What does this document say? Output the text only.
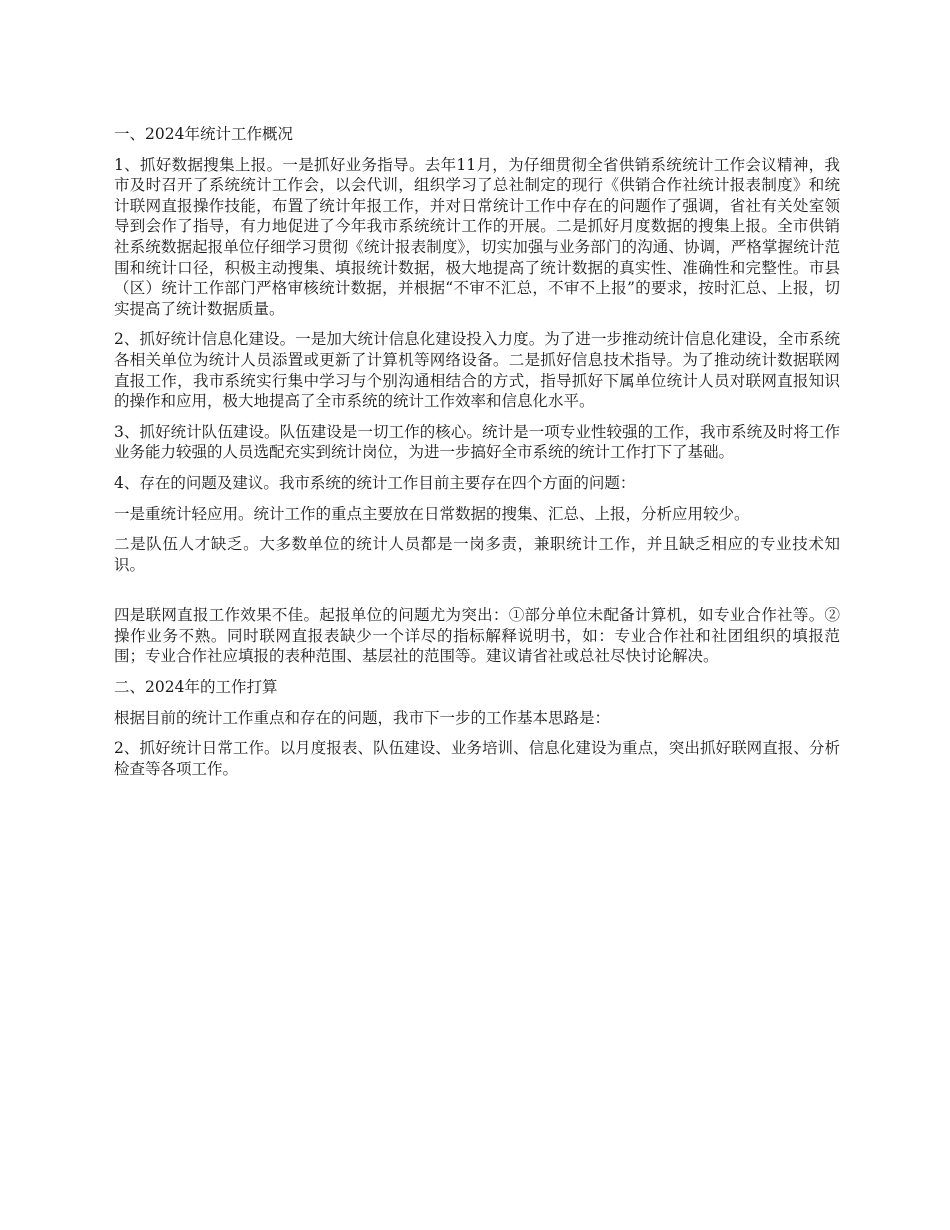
一、2024年统计工作概况

1、抓好数据搜集上报。一是抓好业务指导。去年11月，为仔细贯彻全省供销系统统计工作会议精神，我市及时召开了系统统计工作会，以会代训，组织学习了总社制定的现行《供销合作社统计报表制度》和统计联网直报操作技能，布置了统计年报工作，并对日常统计工作中存在的问题作了强调，省社有关处室领导到会作了指导，有力地促进了今年我市系统统计工作的开展。二是抓好月度数据的搜集上报。全市供销社系统数据起报单位仔细学习贯彻《统计报表制度》，切实加强与业务部门的沟通、协调，严格掌握统计范围和统计口径，积极主动搜集、填报统计数据，极大地提高了统计数据的真实性、准确性和完整性。市县（区）统计工作部门严格审核统计数据，并根据“不审不汇总，不审不上报”的要求，按时汇总、上报，切实提高了统计数据质量。

2、抓好统计信息化建设。一是加大统计信息化建设投入力度。为了进一步推动统计信息化建设，全市系统各相关单位为统计人员添置或更新了计算机等网络设备。二是抓好信息技术指导。为了推动统计数据联网直报工作，我市系统实行集中学习与个别沟通相结合的方式，指导抓好下属单位统计人员对联网直报知识的操作和应用，极大地提高了全市系统的统计工作效率和信息化水平。

3、抓好统计队伍建设。队伍建设是一切工作的核心。统计是一项专业性较强的工作，我市系统及时将工作业务能力较强的人员选配充实到统计岗位，为进一步搞好全市系统的统计工作打下了基础。

4、存在的问题及建议。我市系统的统计工作目前主要存在四个方面的问题：

一是重统计轻应用。统计工作的重点主要放在日常数据的搜集、汇总、上报，分析应用较少。

二是队伍人才缺乏。大多数单位的统计人员都是一岗多责，兼职统计工作，并且缺乏相应的专业技术知识。

四是联网直报工作效果不佳。起报单位的问题尤为突出：①部分单位未配备计算机，如专业合作社等。②操作业务不熟。同时联网直报表缺少一个详尽的指标解释说明书，如：专业合作社和社团组织的填报范围；专业合作社应填报的表种范围、基层社的范围等。建议请省社或总社尽快讨论解决。

二、2024年的工作打算

根据目前的统计工作重点和存在的问题，我市下一步的工作基本思路是：

2、抓好统计日常工作。以月度报表、队伍建设、业务培训、信息化建设为重点，突出抓好联网直报、分析检查等各项工作。
